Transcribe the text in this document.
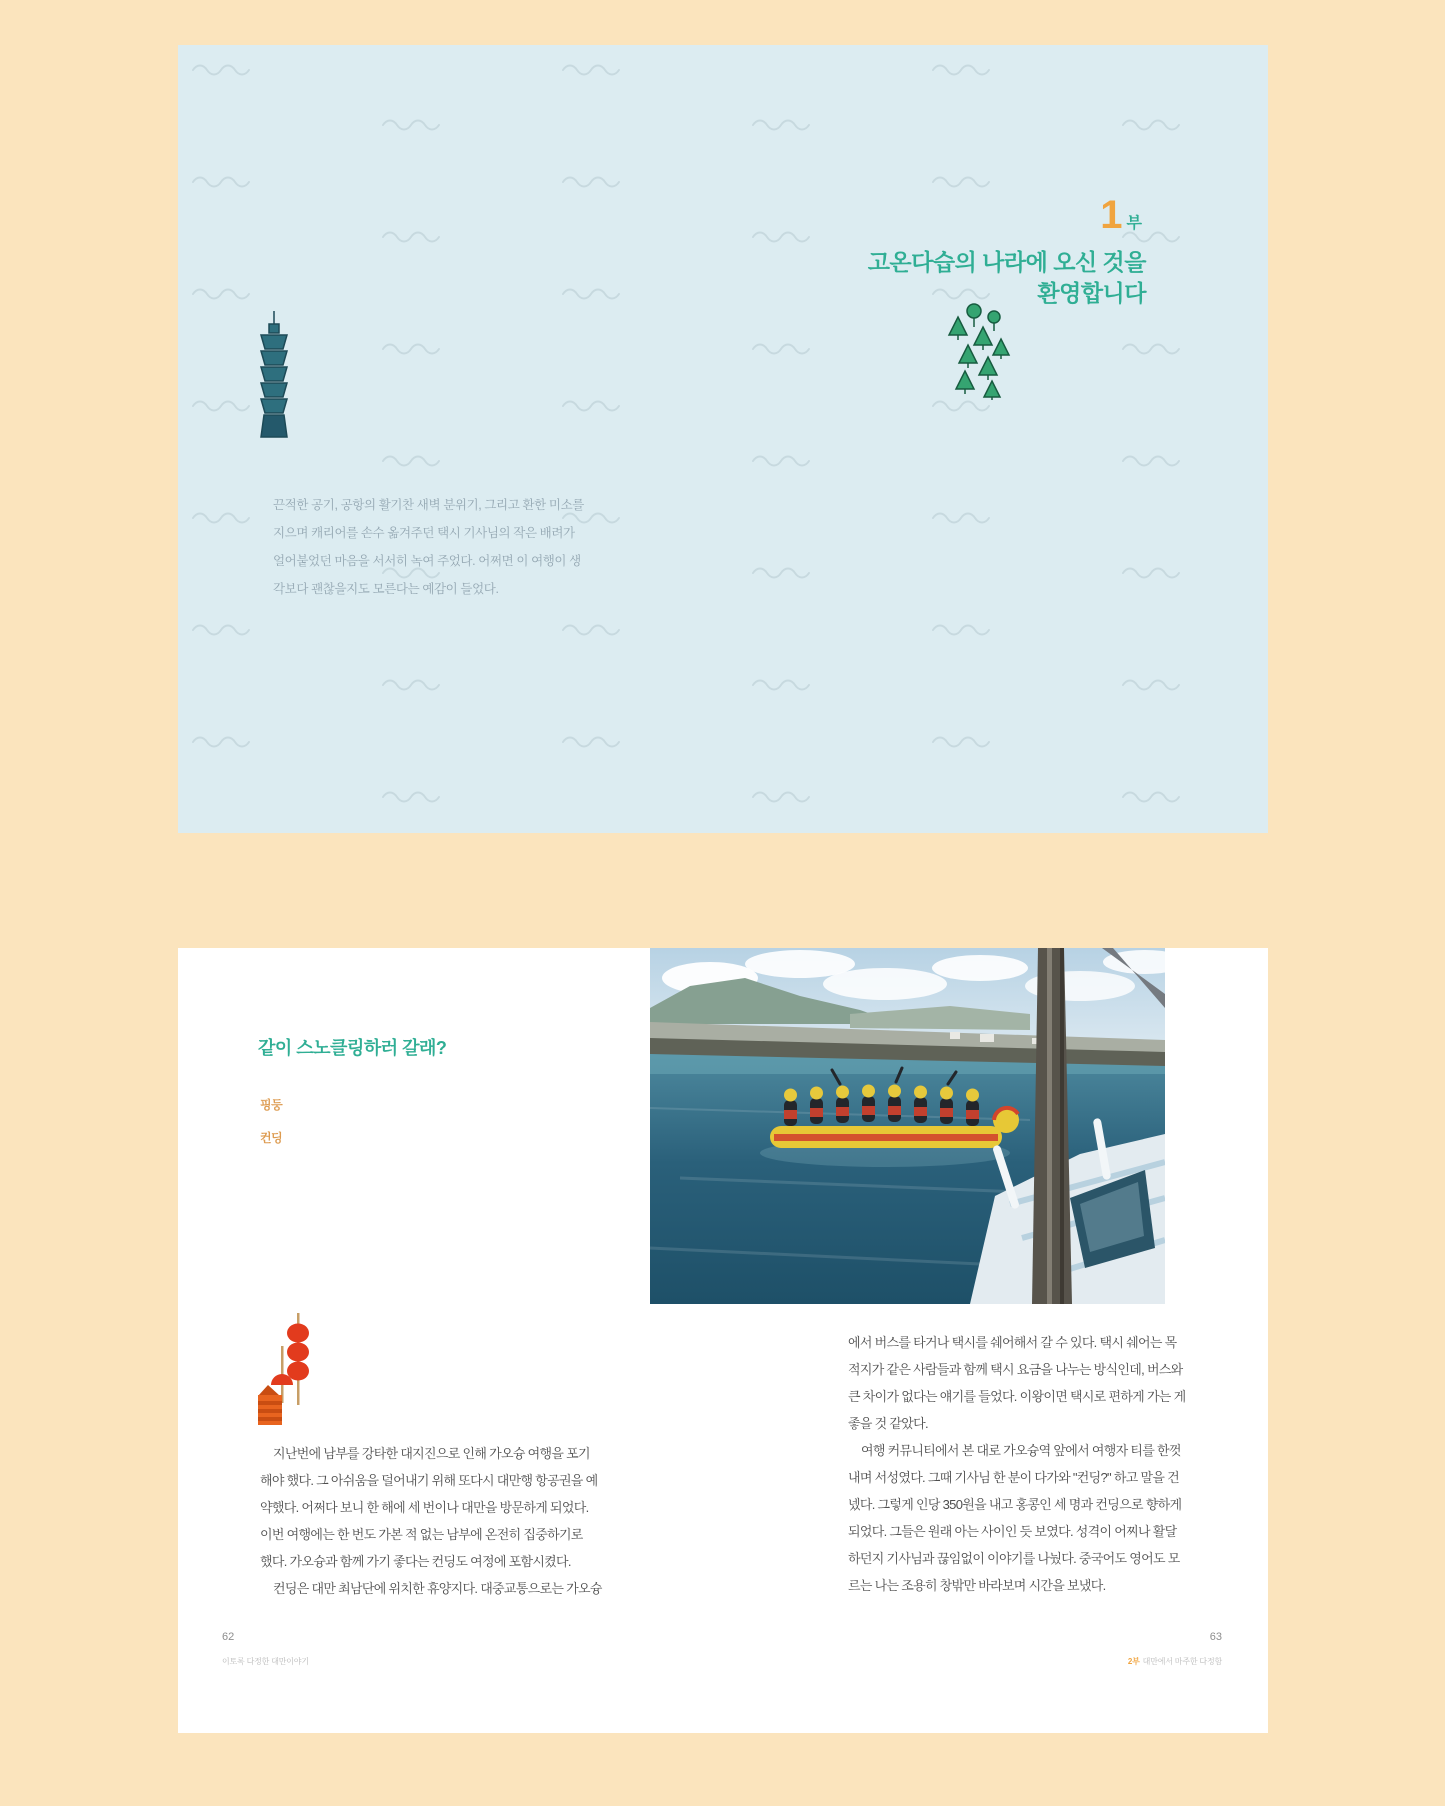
1 부
고온다습의 나라에 오신 것을
환영합니다
끈적한 공기, 공항의 활기찬 새벽 분위기, 그리고 환한 미소를
지으며 캐리어를 손수 옮겨주던 택시 기사님의 작은 배려가
얼어붙었던 마음을 서서히 녹여 주었다. 어쩌면 이 여행이 생
각보다 괜찮을지도 모른다는 예감이 들었다.
같이 스노클링하러 갈래?
핑둥
컨딩
지난번에 남부를 강타한 대지진으로 인해 가오슝 여행을 포기
해야 했다. 그 아쉬움을 덜어내기 위해 또다시 대만행 항공권을 예
약했다. 어쩌다 보니 한 해에 세 번이나 대만을 방문하게 되었다.
이번 여행에는 한 번도 가본 적 없는 남부에 온전히 집중하기로
했다. 가오슝과 함께 가기 좋다는 컨딩도 여정에 포함시켰다.
컨딩은 대만 최남단에 위치한 휴양지다. 대중교통으로는 가오슝
에서 버스를 타거나 택시를 쉐어해서 갈 수 있다. 택시 쉐어는 목
적지가 같은 사람들과 함께 택시 요금을 나누는 방식인데, 버스와
큰 차이가 없다는 얘기를 들었다. 이왕이면 택시로 편하게 가는 게
좋을 것 같았다.
여행 커뮤니티에서 본 대로 가오슝역 앞에서 여행자 티를 한껏
내며 서성였다. 그때 기사님 한 분이 다가와 "컨딩?" 하고 말을 건
넸다. 그렇게 인당 350원을 내고 홍콩인 세 명과 컨딩으로 향하게
되었다. 그들은 원래 아는 사이인 듯 보였다. 성격이 어찌나 활달
하던지 기사님과 끊임없이 이야기를 나눴다. 중국어도 영어도 모
르는 나는 조용히 창밖만 바라보며 시간을 보냈다.
62
이토록 다정한 대만이야기
63
2부 대만에서 마주한 다정함
